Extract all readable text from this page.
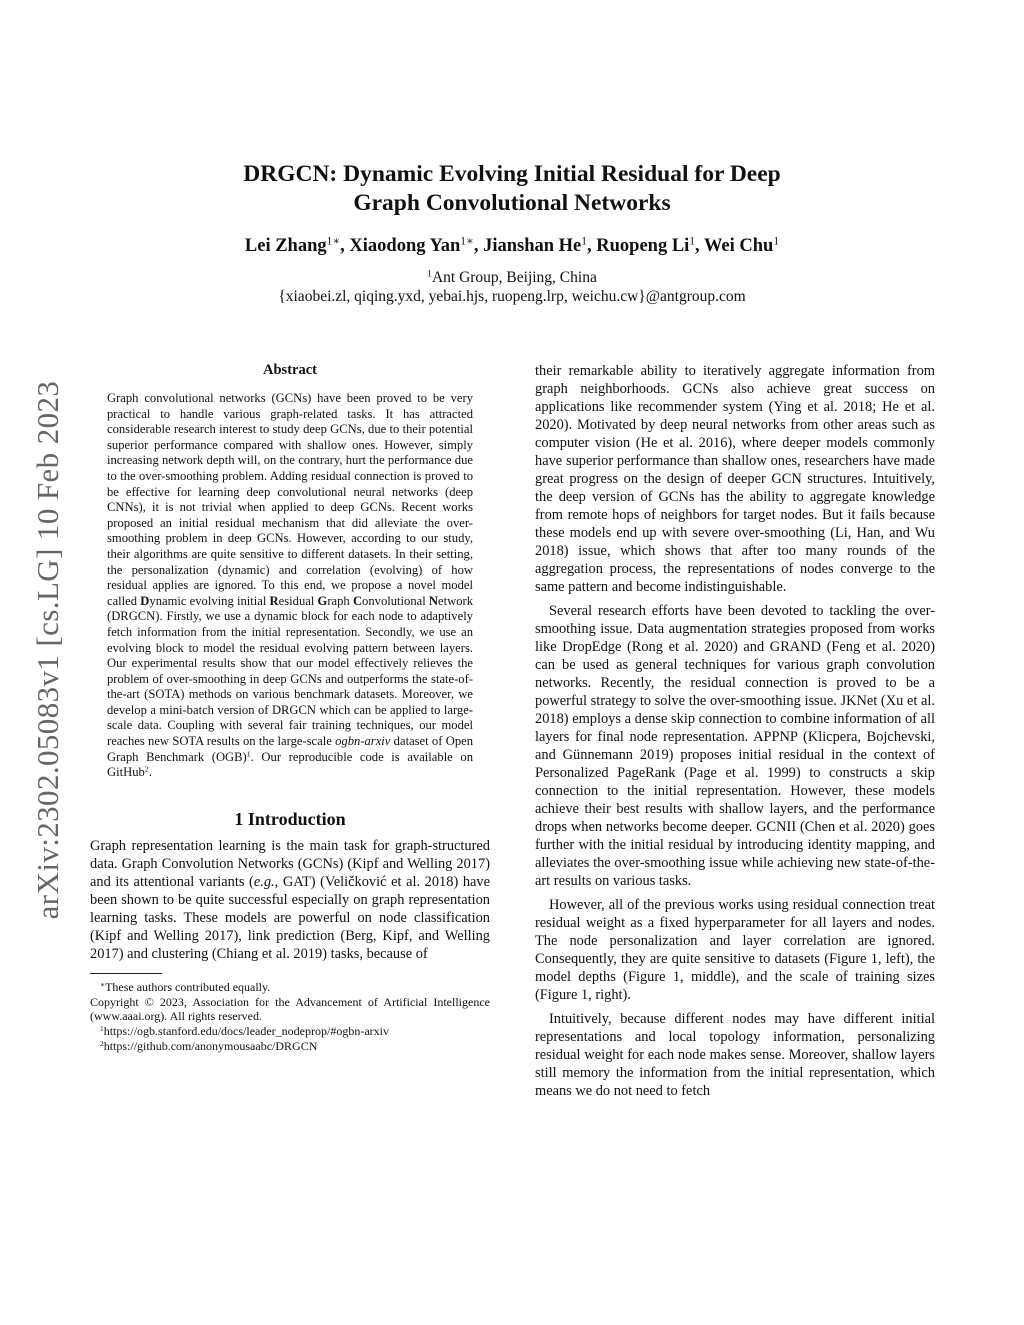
arXiv:2302.05083v1 [cs.LG] 10 Feb 2023
DRGCN: Dynamic Evolving Initial Residual for Deep
Graph Convolutional Networks
Lei Zhang$^{1∗}$, Xiaodong Yan$^{1∗}$, Jianshan He$^1$, Ruopeng Li$^1$, Wei Chu$^1$
$^1$Ant Group, Beijing, China
{xiaobei.zl, qiqing.yxd, yebai.hjs, ruopeng.lrp, weichu.cw}@antgroup.com
Abstract

Graph convolutional networks (GCNs) have been proved to be very practical to handle various graph-related tasks. It has attracted considerable research interest to study deep GCNs, due to their potential superior performance compared with shallow ones. However, simply increasing network depth will, on the contrary, hurt the performance due to the over-smoothing problem. Adding residual connection is proved to be effective for learning deep convolutional neural networks (deep CNNs), it is not trivial when applied to deep GCNs. Recent works proposed an initial residual mechanism that did alleviate the over-smoothing problem in deep GCNs. However, according to our study, their algorithms are quite sensitive to different datasets. In their setting, the personalization (dynamic) and correlation (evolving) of how residual applies are ignored. To this end, we propose a novel model called Dynamic evolving initial Residual Graph Convolutional Network (DRGCN). Firstly, we use a dynamic block for each node to adaptively fetch information from the initial representation. Secondly, we use an evolving block to model the residual evolving pattern between layers. Our experimental results show that our model effectively relieves the problem of over-smoothing in deep GCNs and outperforms the state-of-the-art (SOTA) methods on various benchmark datasets. Moreover, we develop a mini-batch version of DRGCN which can be applied to large-scale data. Coupling with several fair training techniques, our model reaches new SOTA results on the large-scale ogbn-arxiv dataset of Open Graph Benchmark (OGB)$^1$. Our reproducible code is available on GitHub$^2$.

1 Introduction

Graph representation learning is the main task for graph-structured data. Graph Convolution Networks (GCNs) (Kipf and Welling 2017) and its attentional variants (e.g., GAT) (Veličković et al. 2018) have been shown to be quite successful especially on graph representation learning tasks. These models are powerful on node classification (Kipf and Welling 2017), link prediction (Berg, Kipf, and Welling 2017) and clustering (Chiang et al. 2019) tasks, because of

∗These authors contributed equally.

Copyright © 2023, Association for the Advancement of Artificial Intelligence (www.aaai.org). All rights reserved.

$^1$https://ogb.stanford.edu/docs/leader_nodeprop/#ogbn-arxiv

$^2$https://github.com/anonymousaabc/DRGCN

their remarkable ability to iteratively aggregate information from graph neighborhoods. GCNs also achieve great success on applications like recommender system (Ying et al. 2018; He et al. 2020). Motivated by deep neural networks from other areas such as computer vision (He et al. 2016), where deeper models commonly have superior performance than shallow ones, researchers have made great progress on the design of deeper GCN structures. Intuitively, the deep version of GCNs has the ability to aggregate knowledge from remote hops of neighbors for target nodes. But it fails because these models end up with severe over-smoothing (Li, Han, and Wu 2018) issue, which shows that after too many rounds of the aggregation process, the representations of nodes converge to the same pattern and become indistinguishable.

Several research efforts have been devoted to tackling the over-smoothing issue. Data augmentation strategies proposed from works like DropEdge (Rong et al. 2020) and GRAND (Feng et al. 2020) can be used as general techniques for various graph convolution networks. Recently, the residual connection is proved to be a powerful strategy to solve the over-smoothing issue. JKNet (Xu et al. 2018) employs a dense skip connection to combine information of all layers for final node representation. APPNP (Klicpera, Bojchevski, and Günnemann 2019) proposes initial residual in the context of Personalized PageRank (Page et al. 1999) to constructs a skip connection to the initial representation. However, these models achieve their best results with shallow layers, and the performance drops when networks become deeper. GCNII (Chen et al. 2020) goes further with the initial residual by introducing identity mapping, and alleviates the over-smoothing issue while achieving new state-of-the-art results on various tasks.

However, all of the previous works using residual connection treat residual weight as a fixed hyperparameter for all layers and nodes. The node personalization and layer correlation are ignored. Consequently, they are quite sensitive to datasets (Figure 1, left), the model depths (Figure 1, middle), and the scale of training sizes (Figure 1, right).

Intuitively, because different nodes may have different initial representations and local topology information, personalizing residual weight for each node makes sense. Moreover, shallow layers still memory the information from the initial representation, which means we do not need to fetch
